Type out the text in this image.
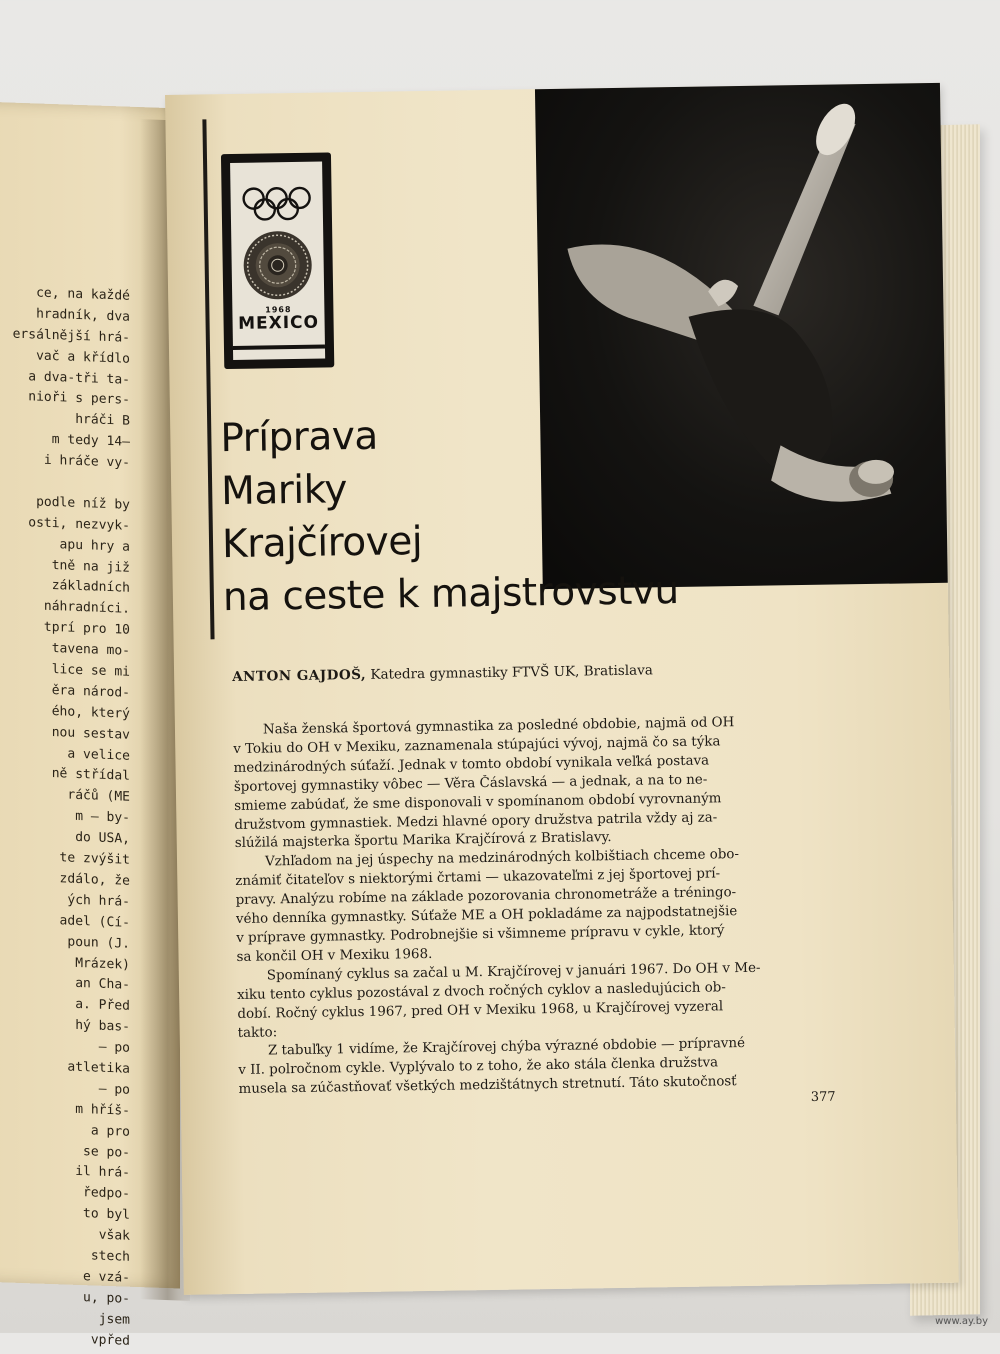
ce, na každé
hradník, dva
ersálnější hrá-
vač a křídlo
a dva-tři ta-
nioři s pers-
hráči B
m tedy 14—
i hráče vy-
podle níž by
osti, nezvyk-
apu hry a
tně na již
základních
náhradníci.
tprí pro 10
tavena mo-
lice se mi
ěra národ-
ého, který
nou sestav
a velice
ně střídal
ráčů (ME
m — by-
do USA,
te zvýšit
zdálo, že
ých hrá-
adel (Cí-
poun (J.
Mrázek)
an Cha-
a. Před
hý bas-
— po
atletika
— po
m hříš-
a pro
se po-
il hrá-
ředpo-
to byl
však
stech
e vzá-
u, po-
jsem
vpřed
1968
MEXICO
Príprava
Mariky
Krajčírovej
na ceste k majstrovstvu
ANTON GAJDOŠ, Katedra gymnastiky FTVŠ UK, Bratislava
Naša ženská športová gymnastika za posledné obdobie, najmä od OH
v Tokiu do OH v Mexiku, zaznamenala stúpajúci vývoj, najmä čo sa týka
medzinárodných súťaží. Jednak v tomto období vynikala veľká postava
športovej gymnastiky vôbec — Věra Čáslavská — a jednak, a na to ne-
smieme zabúdať, že sme disponovali v spomínanom období vyrovnaným
družstvom gymnastiek. Medzi hlavné opory družstva patrila vždy aj za-
slúžilá majsterka športu Marika Krajčírová z Bratislavy.
Vzhľadom na jej úspechy na medzinárodných kolbištiach chceme obo-
známiť čitateľov s niektorými črtami — ukazovateľmi z jej športovej prí-
pravy. Analýzu robíme na základe pozorovania chronometráže a tréningo-
vého denníka gymnastky. Súťaže ME a OH pokladáme za najpodstatnejšie
v príprave gymnastky. Podrobnejšie si všimneme prípravu v cykle, ktorý
sa končil OH v Mexiku 1968.
Spomínaný cyklus sa začal u M. Krajčírovej v januári 1967. Do OH v Me-
xiku tento cyklus pozostával z dvoch ročných cyklov a nasledujúcich ob-
dobí. Ročný cyklus 1967, pred OH v Mexiku 1968, u Krajčírovej vyzeral
takto:
Z tabuľky 1 vidíme, že Krajčírovej chýba výrazné obdobie — prípravné
v II. polročnom cykle. Vyplývalo to z toho, že ako stála členka družstva
musela sa zúčastňovať všetkých medzištátnych stretnutí. Táto skutočnosť
377
www.ay.by
